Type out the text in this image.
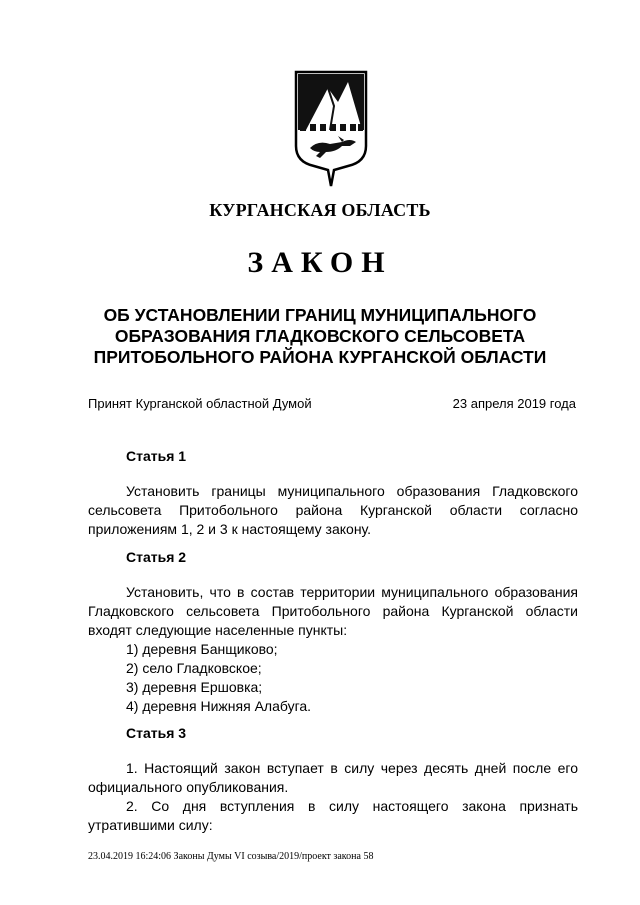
КУРГАНСКАЯ ОБЛАСТЬ
ЗАКОН
ОБ УСТАНОВЛЕНИИ ГРАНИЦ МУНИЦИПАЛЬНОГО
ОБРАЗОВАНИЯ ГЛАДКОВСКОГО СЕЛЬСОВЕТА
ПРИТОБОЛЬНОГО РАЙОНА КУРГАНСКОЙ ОБЛАСТИ
Принят Курганской областной Думой	23 апреля 2019 года
Статья 1

Установить границы муниципального образования Гладковского сельсовета Притобольного района Курганской области согласно приложениям 1, 2 и 3 к настоящему закону.

Статья 2

Установить, что в состав территории муниципального образования Гладковского сельсовета Притобольного района Курганской области входят следующие населенные пункты:

1) деревня Банщиково;
2) село Гладковское;
3) деревня Ершовка;
4) деревня Нижняя Алабуга.
Статья 3

1. Настоящий закон вступает в силу через десять дней после его официального опубликования.

2. Со дня вступления в силу настоящего закона признать утратившими силу:

23.04.2019 16:24:06 Законы Думы VI созыва/2019/проект закона 58
